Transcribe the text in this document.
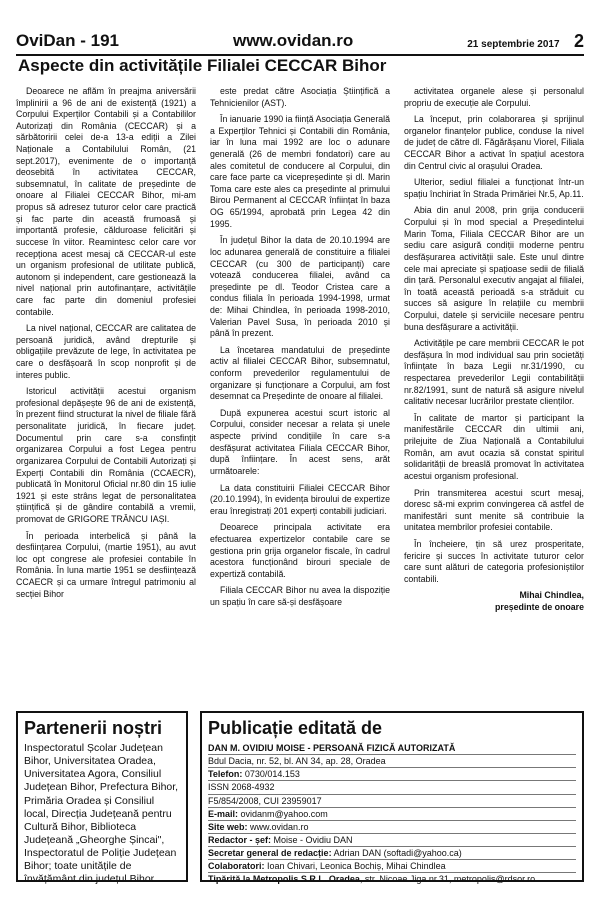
OviDan - 191	www.ovidan.ro	21 septembrie 2017 2
Aspecte din activitățile Filialei CECCAR Bihor

Deoarece ne aflăm în preajma aniversării împlinirii a 96 de ani de existență (1921) a Corpului Experților Contabili și a Contabililor Autorizați din România (CECCAR) și a sărbătoririi celei de-a 13-a ediții a Zilei Naționale a Contabilului Român, (21 sept.2017), evenimente de o importanță deosebită în activitatea CECCAR, subsemnatul, în calitate de președinte de onoare al Filialei CECCAR Bihor, mi-am propus să adresez tuturor celor care practică și fac parte din această frumoasă și importantă profesie, călduroase felicitări și succese în viitor. Reamintesc celor care vor recepționa acest mesaj că CECCAR-ul este un organism profesional de utilitate publică, autonom și independent, care gestionează la nivel național prin autofinanțare, activitățile care fac parte din domeniul profesiei contabile.

La nivel național, CECCAR are calitatea de persoană juridică, având drepturile și obligațiile prevăzute de lege, în activitatea pe care o desfășoară în scop nonprofit și de interes public.

Istoricul activității acestui organism profesional depășește 96 de ani de existență, în prezent fiind structurat la nivel de filiale fără personalitate juridică, în fiecare județ. Documentul prin care s-a consfințit organizarea Corpului a fost Legea pentru organizarea Corpului de Contabili Autorizați și Experți Contabili din România (CCAECR), publicată în Monitorul Oficial nr.80 din 15 iulie 1921 și este strâns legat de personalitatea științifică și de gândire contabilă a vremii, promovat de GRIGORE TRÂNCU IAȘI.

În perioada interbelică și până la desființarea Corpului, (martie 1951), au avut loc opt congrese ale profesiei contabile în România. În luna martie 1951 se desființează CCAECR și ca urmare întregul patrimoniu al secției Bihor

este predat către Asociația Științifică a Tehnicienilor (AST).

În ianuarie 1990 ia ființă Asociația Generală a Experților Tehnici și Contabili din România, iar în luna mai 1992 are loc o adunare generală (26 de membri fondatori) care au ales comitetul de conducere al Corpului, din care face parte ca vicepreședinte și dl. Marin Toma care este ales ca președinte al primului Birou Permanent al CECCAR înființat în baza OG 65/1994, aprobată prin Legea 42 din 1995.

În județul Bihor la data de 20.10.1994 are loc adunarea generală de constituire a filialei CECCAR (cu 300 de participanți) care votează conducerea filialei, având ca președinte pe dl. Teodor Cristea care a condus filiala în perioada 1994-1998, urmat de: Mihai Chindlea, în perioada 1998-2010, Valerian Pavel Susa, în perioada 2010 și până în prezent.

La încetarea mandatului de președinte activ al filialei CECCAR Bihor, subsemnatul, conform prevederilor regulamentului de organizare și funcționare a Corpului, am fost desemnat ca Președinte de onoare al filialei.

După expunerea acestui scurt istoric al Corpului, consider necesar a relata și unele aspecte privind condițiile în care s-a desfășurat activitatea Filiala CECCAR Bihor, după înființare. În acest sens, arăt următoarele:

La data constituirii Filialei CECCAR Bihor (20.10.1994), în evidența biroului de expertize erau înregistrați 201 experți contabili judiciari.

Deoarece principala activitate era efectuarea expertizelor contabile care se gestiona prin grija organelor fiscale, în cadrul acestora funcționând birouri speciale de expertiză contabilă.

Filiala CECCAR Bihor nu avea la dispoziție un spațiu în care să-și desfășoare

activitatea organele alese și personalul propriu de execuție ale Corpului.

La început, prin colaborarea și sprijinul organelor finanțelor publice, conduse la nivel de județ de către dl. Făgărășanu Viorel, Filiala CECCAR Bihor a activat în spațiul acestora din Centrul civic al orașului Oradea.

Ulterior, sediul filialei a funcționat într-un spațiu închiriat în Strada Primăriei Nr.5, Ap.11.

Abia din anul 2008, prin grija conducerii Corpului și în mod special a Președintelui Marin Toma, Filiala CECCAR Bihor are un sediu care asigură condiții moderne pentru desfășurarea activității sale. Este unul dintre cele mai apreciate și spațioase sedii de filială din țară. Personalul executiv angajat al filialei, în toată această perioadă s-a străduit cu succes să asigure în relațiile cu membrii Corpului, datele și serviciile necesare pentru buna desfășurare a activității.

Activitățile pe care membrii CECCAR le pot desfășura în mod individual sau prin societăți înființate în baza Legii nr.31/1990, cu respectarea prevederilor Legii contabilității nr.82/1991, sunt de natură să asigure nivelul calitativ necesar lucrărilor prestate clienților.

În calitate de martor și participant la manifestările CECCAR din ultimii ani, prilejuite de Ziua Națională a Contabilului Român, am avut ocazia să constat spiritul solidarității de breaslă promovat în activitatea acestui organism profesional.

Prin transmiterea acestui scurt mesaj, doresc să-mi exprim convingerea că astfel de manifestări sunt menite să contribuie la unitatea membrilor profesiei contabile.

În încheiere, țin să urez prosperitate, fericire și succes în activitate tuturor celor care sunt alături de categoria profesioniștilor contabili.

Mihai Chindlea,
președinte de onoare
Partenerii noștri
Inspectoratul Școlar Județean Bihor, Universitatea Oradea, Universitatea Agora, Consiliul Județean Bihor, Prefectura Bihor, Primăria Oradea și Consiliul local, Direcția Județeană pentru Cultură Bihor, Biblioteca Județeană „Gheorghe Șincai", Inspectoratul de Poliție Județean Bihor; toate unitățile de învățământ din județul Bihor
Publicație editată de

DAN M. OVIDIU MOISE - PERSOANĂ FIZICĂ AUTORIZATĂ

Bdul Dacia, nr. 52, bl. AN 34, ap. 28, Oradea

Telefon: 0730/014.153

ISSN 2068-4932

F5/854/2008, CUI 23959017

E-mail: ovidanm@yahoo.com

Site web: www.ovidan.ro

Redactor - șef: Moise - Ovidiu DAN

Secretar general de redacție: Adrian DAN (softadi@yahoo.ca)

Colaboratori: Ioan Chivari, Leonica Bochiș, Mihai Chindlea

Tipărită la Metropolis S.R.L. Oradea, str. Nicoae Jiga nr.31, metropolis@rdsor.ro
